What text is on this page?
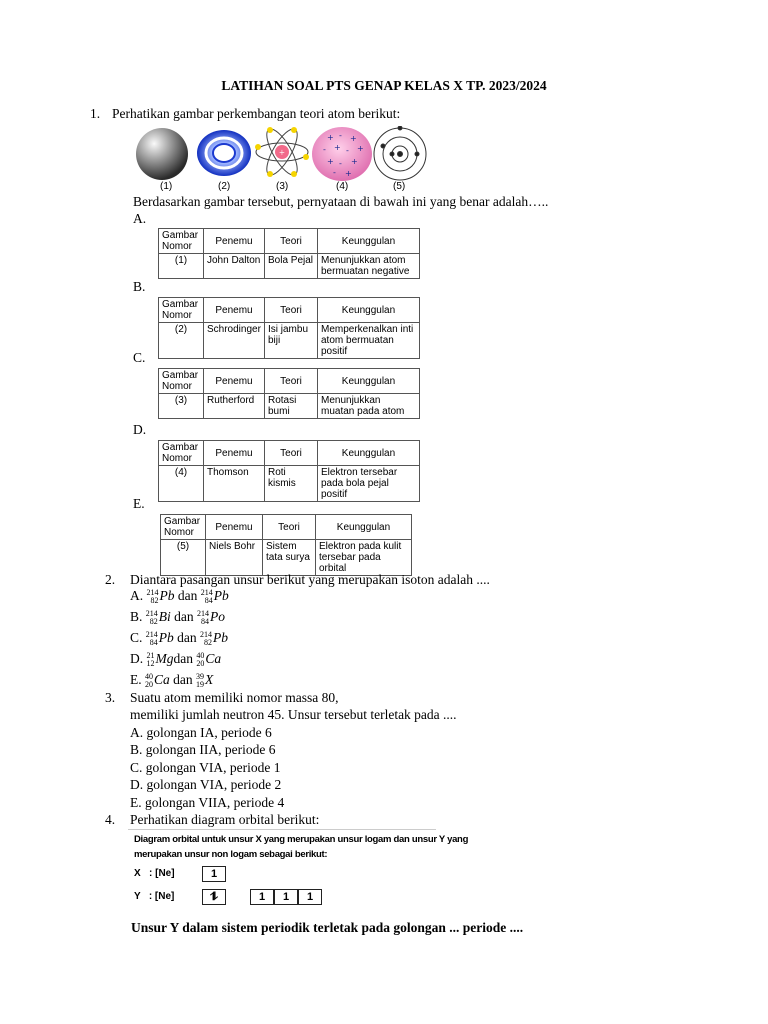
LATIHAN SOAL PTS GENAP KELAS X TP. 2023/2024
1. Perhatikan gambar perkembangan teori atom berikut:
+
+ - +
- + - +
+ - +
- +
(1)	(2)	(3)	(4)	(5)
Berdasarkan gambar tersebut, pernyataan di bawah ini yang benar adalah…..
A.
Gambar Nomor	Penemu	Teori	Keunggulan
(1)	John Dalton	Bola Pejal	Menunjukkan atom bermuatan negative
B.
Gambar Nomor	Penemu	Teori	Keunggulan
(2)	Schrodinger	Isi jambu biji	Memperkenalkan inti atom bermuatan positif
C.
Gambar Nomor	Penemu	Teori	Keunggulan
(3)	Rutherford	Rotasi bumi	Menunjukkan muatan pada atom
D.
Gambar Nomor	Penemu	Teori	Keunggulan
(4)	Thomson	Roti kismis	Elektron tersebar pada bola pejal positif
E.
Gambar Nomor	Penemu	Teori	Keunggulan
(5)	Niels Bohr	Sistem tata surya	Elektron pada kulit tersebar pada orbital
2. Diantara pasangan unsur berikut yang merupakan isoton adalah ....
A. 214
82 Pb dan 214
84 Pb
B. 214
82 Bi dan 214
84 Po
C. 214
84 Pb dan 214
82 Pb
D. 21
12 Mgdan 40
20 Ca
E. 40
20 Ca dan 39
19 X
3. Suatu atom memiliki nomor massa 80,
memiliki jumlah neutron 45. Unsur tersebut terletak pada ....
A. golongan IA, periode 6
B. golongan IIA, periode 6
C. golongan VIA, periode 1
D. golongan VIA, periode 2
E. golongan VIIA, periode 4
4. Perhatikan diagram orbital berikut:
Diagram orbital untuk unsur X yang merupakan unsur logam dan unsur Y yang
merupakan unsur non logam sebagai berikut:
X   : [Ne]	1
Y   : [Ne]	⥮	1	1	1
Unsur Y dalam sistem periodik terletak pada golongan ... periode ....
